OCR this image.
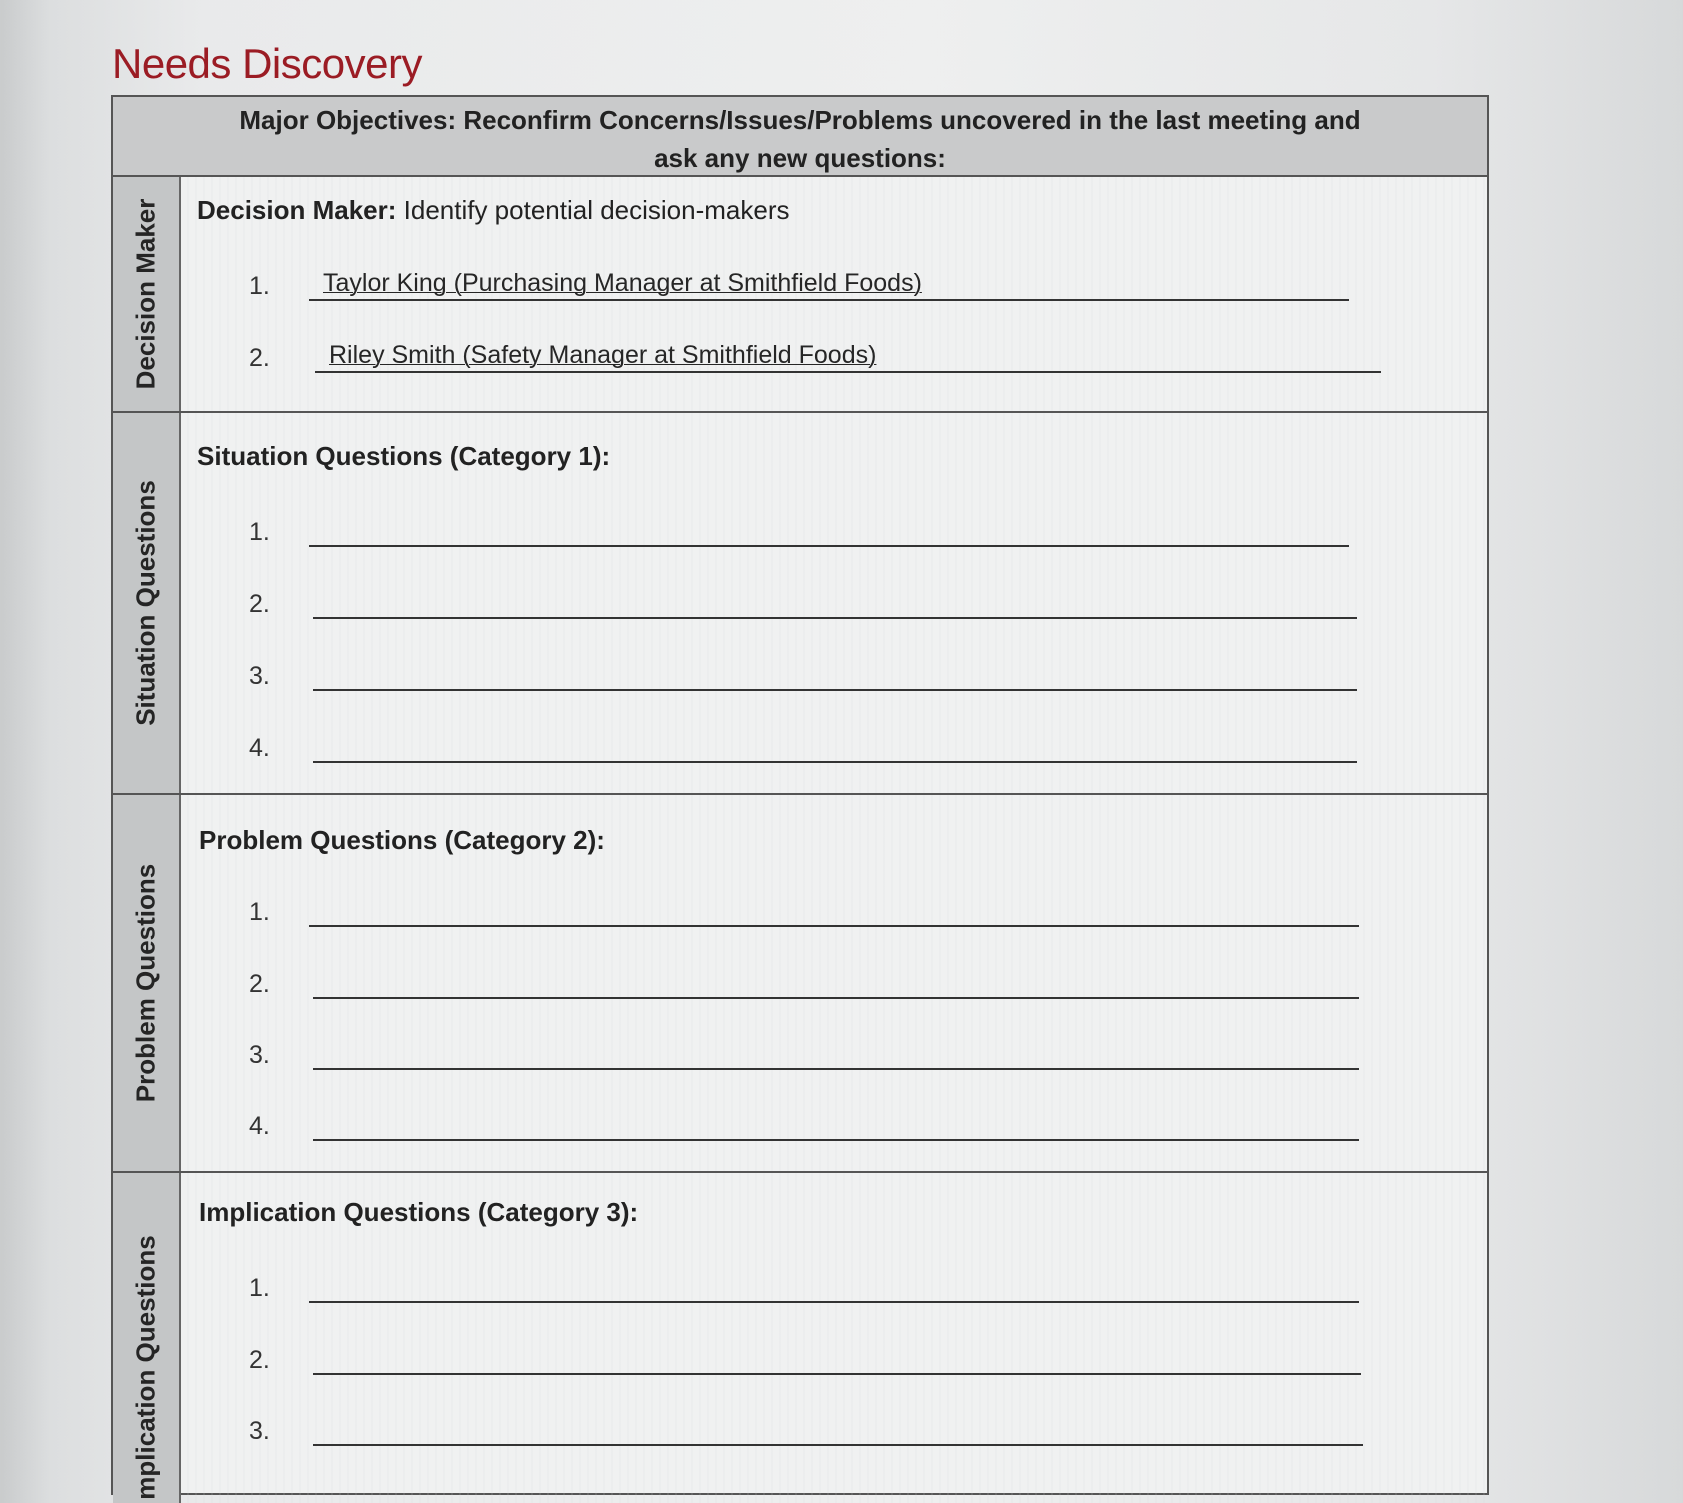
Needs Discovery
Major Objectives: Reconfirm Concerns/Issues/Problems uncovered in the last meeting and
ask any new questions:
Decision Maker Decision Maker: Identify potential decision-makers

1.	Taylor King (Purchasing Manager at Smithfield Foods)
2.	Riley Smith (Safety Manager at Smithfield Foods)
Situation Questions

Situation Questions (Category 1):

1.
2.
3.
4.
Problem Questions

Problem Questions (Category 2):

1.
2.
3.
4.
mplication Questions

Implication Questions (Category 3):

1.
2.
3.
